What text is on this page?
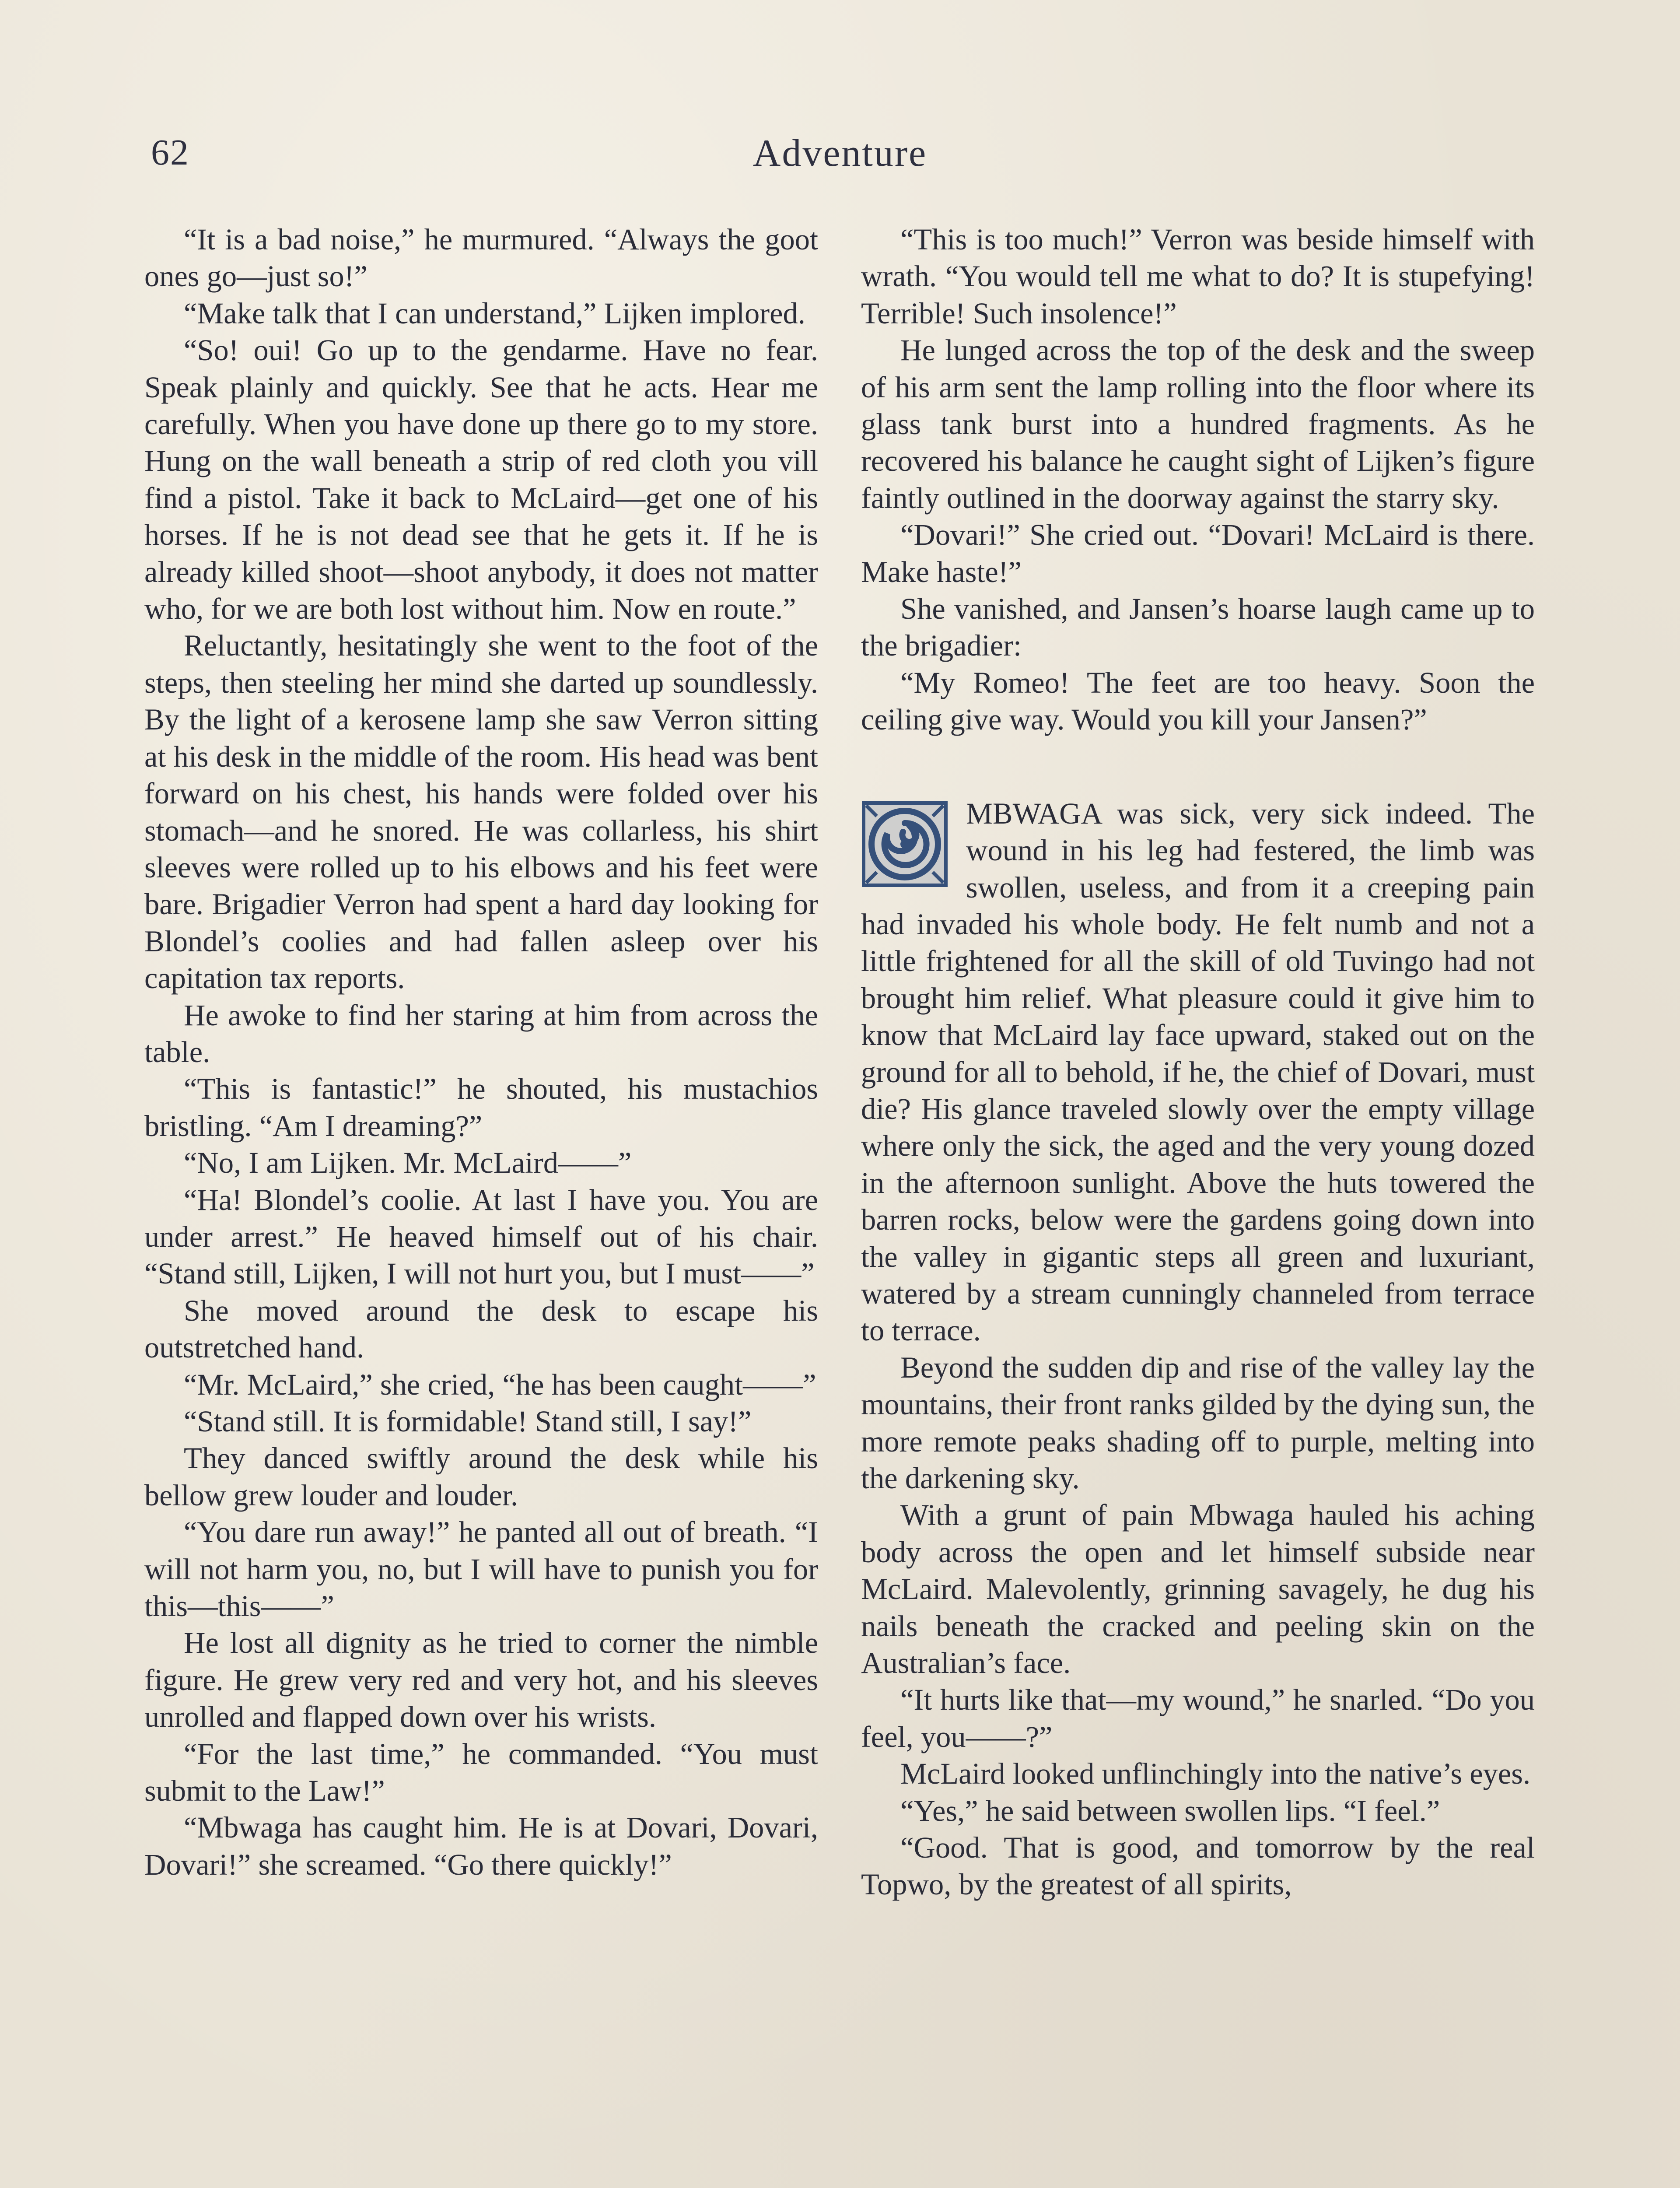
62	Adventure

“It is a bad noise,” he murmured. “Always the goot ones go—just so!”

“Make talk that I can understand,” Lijken implored.

“So! oui! Go up to the gendarme. Have no fear. Speak plainly and quickly. See that he acts. Hear me carefully. When you have done up there go to my store. Hung on the wall beneath a strip of red cloth you vill find a pistol. Take it back to McLaird—get one of his horses. If he is not dead see that he gets it. If he is already killed shoot—shoot anybody, it does not matter who, for we are both lost without him. Now en route.”

Reluctantly, hesitatingly she went to the foot of the steps, then steeling her mind she darted up soundlessly. By the light of a kerosene lamp she saw Verron sitting at his desk in the middle of the room. His head was bent forward on his chest, his hands were folded over his stomach—and he snored. He was collarless, his shirt sleeves were rolled up to his elbows and his feet were bare. Brigadier Verron had spent a hard day looking for Blondel’s coolies and had fallen asleep over his capitation tax reports.

He awoke to find her staring at him from across the table.

“This is fantastic!” he shouted, his mustachios bristling. “Am I dreaming?”

“No, I am Lijken. Mr. McLaird——”

“Ha! Blondel’s coolie. At last I have you. You are under arrest.” He heaved himself out of his chair. “Stand still, Lijken, I will not hurt you, but I must——”

She moved around the desk to escape his outstretched hand.

“Mr. McLaird,” she cried, “he has been caught——”

“Stand still. It is formidable! Stand still, I say!”

They danced swiftly around the desk while his bellow grew louder and louder.

“You dare run away!” he panted all out of breath. “I will not harm you, no, but I will have to punish you for this—this——”

He lost all dignity as he tried to corner the nimble figure. He grew very red and very hot, and his sleeves unrolled and flapped down over his wrists.

“For the last time,” he commanded. “You must submit to the Law!”

“Mbwaga has caught him. He is at Dovari, Dovari, Dovari!” she screamed. “Go there quickly!”

“This is too much!” Verron was beside himself with wrath. “You would tell me what to do? It is stupefying! Terrible! Such insolence!”

He lunged across the top of the desk and the sweep of his arm sent the lamp rolling into the floor where its glass tank burst into a hundred fragments. As he recovered his balance he caught sight of Lijken’s figure faintly outlined in the doorway against the starry sky.

“Dovari!” She cried out. “Dovari! McLaird is there. Make haste!”

She vanished, and Jansen’s hoarse laugh came up to the brigadier:

“My Romeo! The feet are too heavy. Soon the ceiling give way. Would you kill your Jansen?”

MBWAGA was sick, very sick indeed. The wound in his leg had festered, the limb was swollen, useless, and from it a creeping pain had invaded his whole body. He felt numb and not a little frightened for all the skill of old Tuvingo had not brought him relief. What pleasure could it give him to know that McLaird lay face upward, staked out on the ground for all to behold, if he, the chief of Dovari, must die? His glance traveled slowly over the empty village where only the sick, the aged and the very young dozed in the afternoon sunlight. Above the huts towered the barren rocks, below were the gardens going down into the valley in gigantic steps all green and luxuriant, watered by a stream cunningly channeled from terrace to terrace.

Beyond the sudden dip and rise of the valley lay the mountains, their front ranks gilded by the dying sun, the more remote peaks shading off to purple, melting into the darkening sky.

With a grunt of pain Mbwaga hauled his aching body across the open and let himself subside near McLaird. Malevolently, grinning savagely, he dug his nails beneath the cracked and peeling skin on the Australian’s face.

“It hurts like that—my wound,” he snarled. “Do you feel, you——?”

McLaird looked unflinchingly into the native’s eyes.

“Yes,” he said between swollen lips. “I feel.”

“Good. That is good, and tomorrow by the real Topwo, by the greatest of all spirits,
